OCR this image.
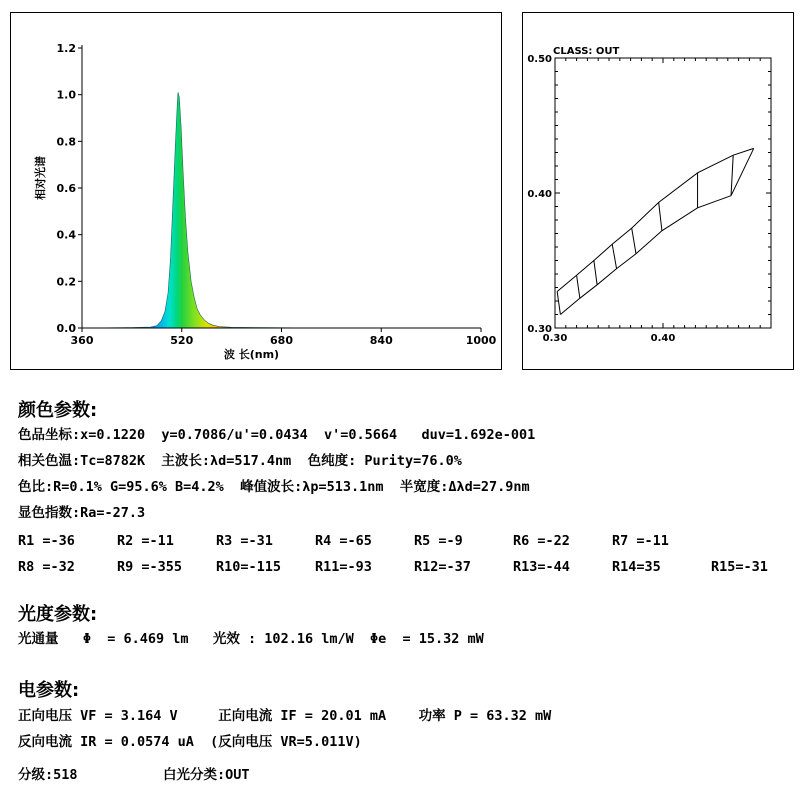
0.0
0.2
0.4
0.6
0.8
1.0
1.2
360	520	680	840	1000
波 长(nm)
相对光谱
CLASS: OUT
0.30
0.40
0.50
0.30	0.40
颜色参数:
色品坐标:x=0.1220  y=0.7086/u'=0.0434  v'=0.5664   duv=1.692e-001
相关色温:Tc=8782K  主波长:λd=517.4nm  色纯度: Purity=76.0%
色比:R=0.1% G=95.6% B=4.2%  峰值波长:λp=513.1nm  半宽度:Δλd=27.9nm
显色指数:Ra=-27.3
R1 =-36	R2 =-11	R3 =-31	R4 =-65	R5 =-9	R6 =-22	R7 =-11
R8 =-32	R9 =-355	R10=-115	R11=-93	R12=-37	R13=-44	R14=35	R15=-31
光度参数:
光通量   Φ  = 6.469 lm   光效 : 102.16 lm/W  Φe  = 15.32 mW
电参数:
正向电压 VF = 3.164 V     正向电流 IF = 20.01 mA    功率 P = 63.32 mW
反向电流 IR = 0.0574 uA  (反向电压 VR=5.011V)
分级:518	白光分类:OUT
